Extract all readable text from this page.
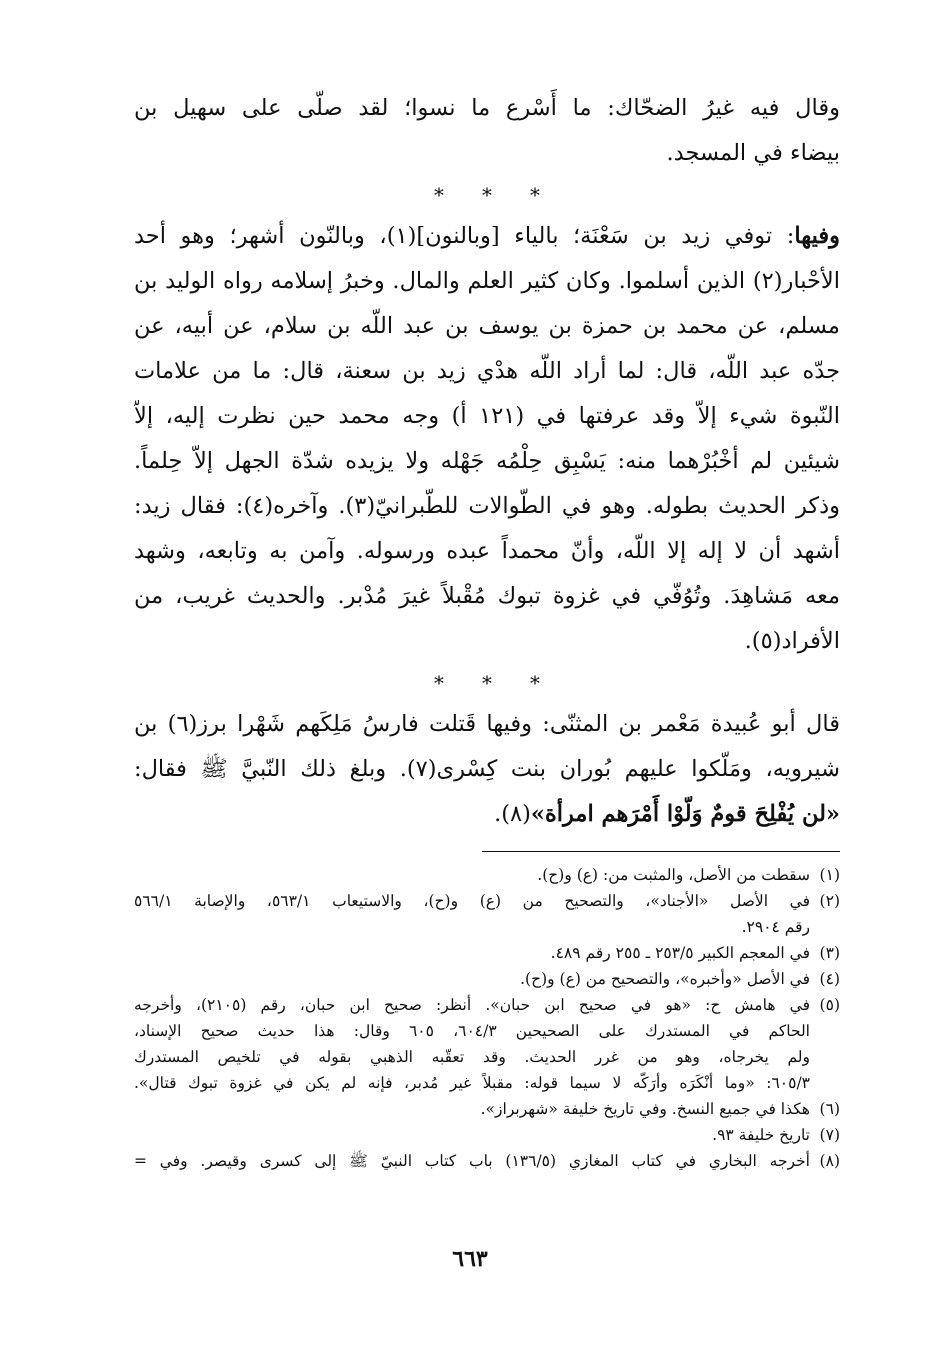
وقال فيه غيرُ الضحّاك: ما أَسْرع ما نسوا؛ لقد صلّى على سهيل بن
بيضاء في المسجد.
* * *
وفيها: توفي زيد بن سَعْنَة؛ بالياء [وبالنون](١)، وبالنّون أشهر؛ وهو أحد
الأحْبار(٢) الذين أسلموا. وكان كثير العلم والمال. وخبرُ إسلامه رواه الوليد بن
مسلم، عن محمد بن حمزة بن يوسف بن عبد اللّه بن سلام، عن أبيه، عن
جدّه عبد اللّه، قال: لما أراد اللّه هدْي زيد بن سعنة، قال: ما من علامات
النّبوة شيء إلاّ وقد عرفتها في (١٢١ أ) وجه محمد حين نظرت إليه، إلاّ
شيئين لم أخْبُرْهما منه: يَسْبِق حِلْمُه جَهْله ولا يزيده شدّة الجهل إلاّ حِلماً.
وذكر الحديث بطوله. وهو في الطّوالات للطّبرانيّ(٣). وآخره(٤): فقال زيد:
أشهد أن لا إله إلا اللّه، وأنّ محمداً عبده ورسوله. وآمن به وتابعه، وشهد
معه مَشاهِدَ. وتُوُفّي في غزوة تبوك مُقْبلاً غيرَ مُدْبر. والحديث غريب، من
الأفراد(٥).
* * *
قال أبو عُبيدة مَعْمر بن المثنّى: وفيها قَتلت فارسُ مَلِكَهم شَهْرا برز(٦) بن
شيرويه، ومَلّكوا عليهم بُوران بنت كِسْرى(٧). وبلغ ذلك النّبيَّ ﷺ فقال:
«لن يُفْلِحَ قومٌ وَلّوْا أَمْرَهم امرأة»(٨).
(١)
سقطت من الأصل، والمثبت من: (ع) و(ح).
(٢)
في الأصل «الأجناد»، والتصحيح من (ع) و(ح)، والاستيعاب ٥٦٣/١، والإصابة ٥٦٦/١
رقم ٢٩٠٤.
(٣)
في المعجم الكبير ٢٥٣/٥ ـ ٢٥٥ رقم ٤٨٩.
(٤)
في الأصل «وأخبره»، والتصحيح من (ع) و(ح).
(٥)
في هامش ح: «هو في صحيح ابن حبان». أنظر: صحيح ابن حبان، رقم (٢١٠٥)، وأخرجه
الحاكم في المستدرك على الصحيحين ٦٠٤/٣، ٦٠٥ وقال: هذا حديث صحيح الإسناد،
ولم يخرجاه، وهو من غرر الحديث. وقد تعقّبه الذهبي بقوله في تلخيص المستدرك
٦٠٥/٣: «وما أنْكَرَه وأرَكّه لا سيما قوله: مقبلاً غير مُدبر، فإنه لم يكن في غزوة تبوك قتال».
(٦)
هكذا في جميع النسخ. وفي تاريخ خليفة «شهربراز».
(٧)
تاريخ خليفة ٩٣.
(٨)
أخرجه البخاري في كتاب المغازي (١٣٦/٥) باب كتاب النبيّ ﷺ إلى كسرى وقيصر. وفي =
٦٦٣
